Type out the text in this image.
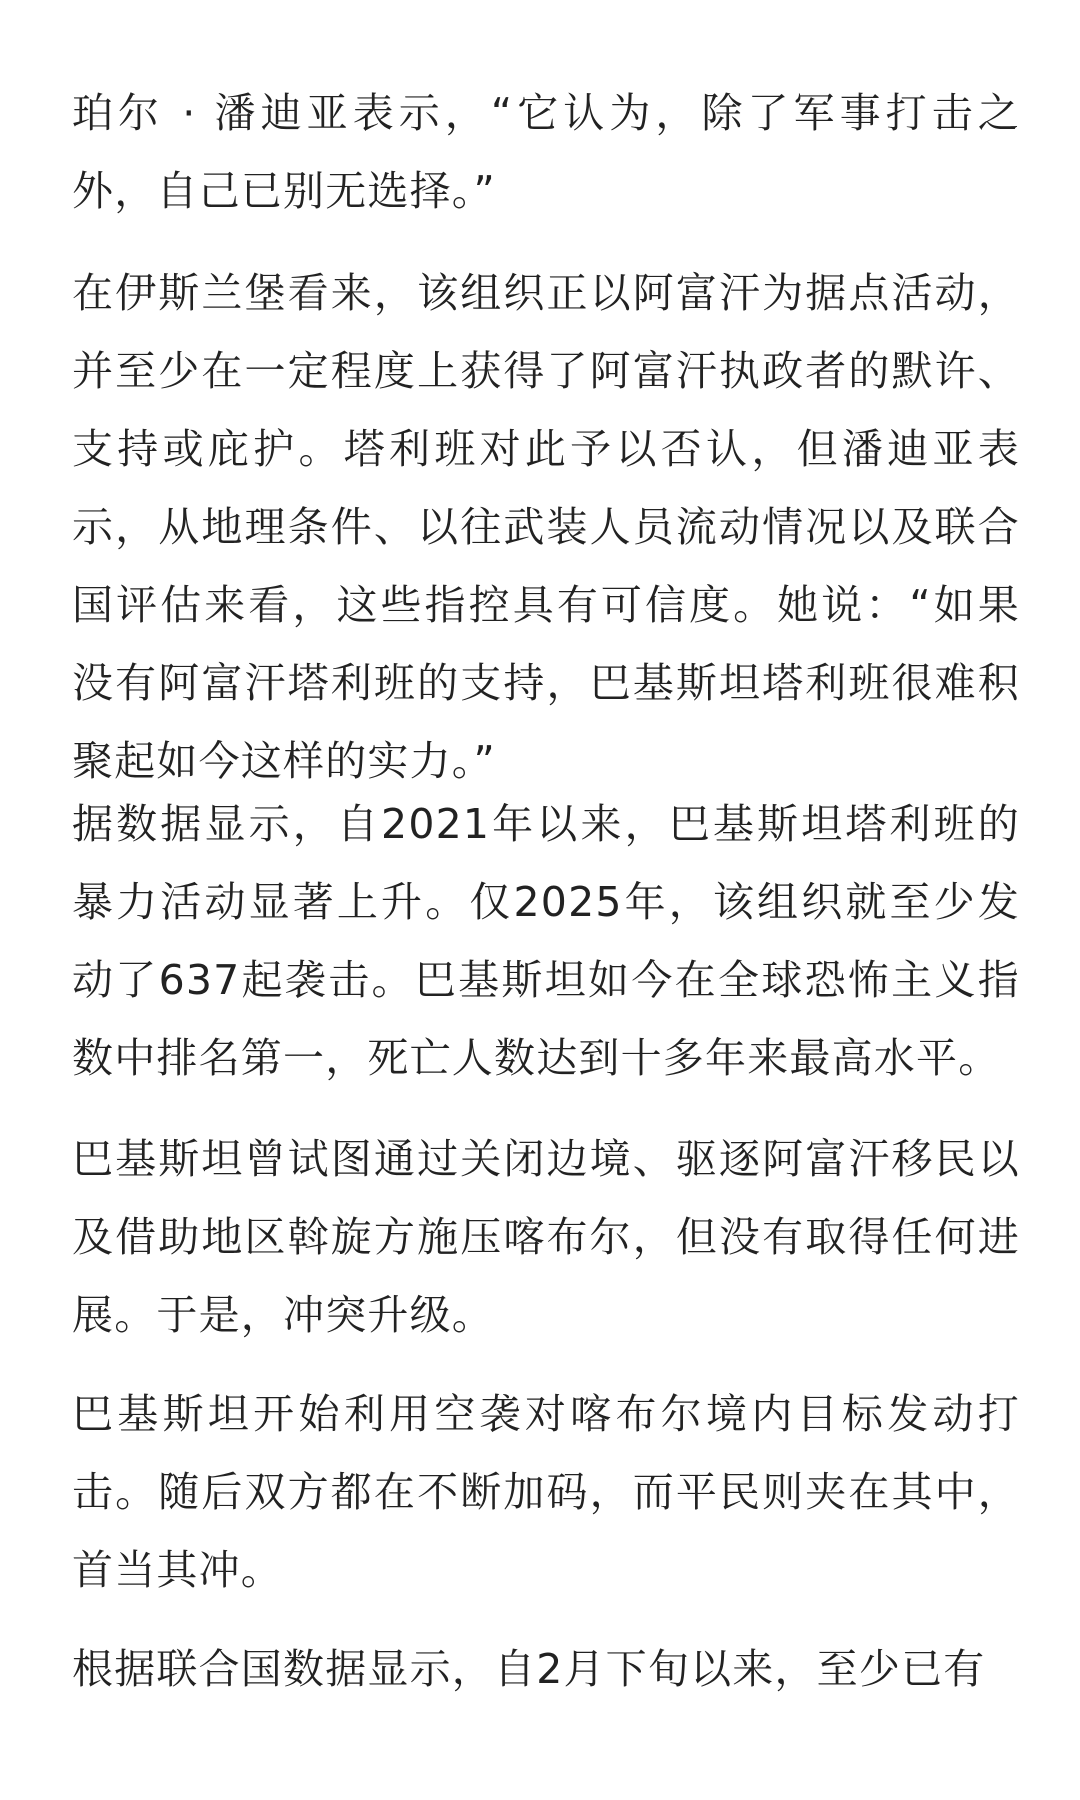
珀尔 · 潘迪亚表示，“它认为，除了军事打击之外，自己已别无选择。”

在伊斯兰堡看来，该组织正以阿富汗为据点活动，并至少在一定程度上获得了阿富汗执政者的默许、支持或庇护。塔利班对此予以否认，但潘迪亚表示，从地理条件、以往武装人员流动情况以及联合国评估来看，这些指控具有可信度。她说：“如果没有阿富汗塔利班的支持，巴基斯坦塔利班很难积聚起如今这样的实力。”

据数据显示，自2021年以来，巴基斯坦塔利班的暴力活动显著上升。仅2025年，该组织就至少发动了637起袭击。巴基斯坦如今在全球恐怖主义指数中排名第一，死亡人数达到十多年来最高水平。

巴基斯坦曾试图通过关闭边境、驱逐阿富汗移民以及借助地区斡旋方施压喀布尔，但没有取得任何进展。于是，冲突升级。

巴基斯坦开始利用空袭对喀布尔境内目标发动打击。随后双方都在不断加码，而平民则夹在其中，首当其冲。

根据联合国数据显示，自2月下旬以来，至少已有
